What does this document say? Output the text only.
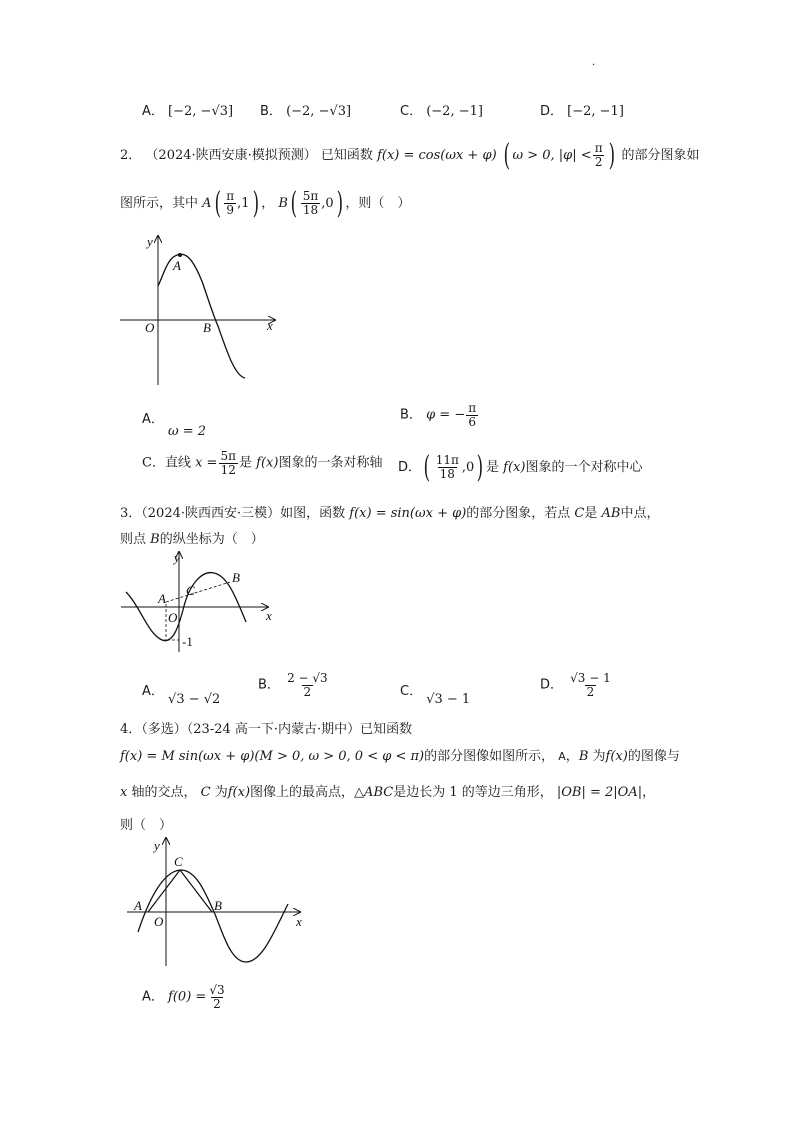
·
A． [−2, −√3] B． (−2, −√3]	C． (−2, −1]	D． [−2, −1]
2． （2024·陕西安康·模拟预测） 已知函数 f(x) = cos(ωx + φ) ( ω > 0, $|\varphi| < \frac{\pi}{2}$ ) 的部分图象如
图所示，其中 $A( \frac{\pi}{9} ,1)$ ， $B( \frac{5\pi}{18} ,0)$ ，则（　）
y
x
O
A
B
A． ω = 2
B． φ = − $\frac{\pi}{6}$
C．直线 $x = \frac{5\pi}{12}$ 是 f(x)图象的一条对称轴 D．( $\frac{11\pi}{18} ,0$) 是 f(x)图象的一个对称中心
3．（2024·陕西西安·三模）如图，函数 f(x) = sin(ωx + φ)的部分图象，若点 C是 AB中点，
则点 B的纵坐标为（　）
y
x
O
A
B
C
-1
A． √3 − √2
B． $\frac{2 - √3}{2}$	C． √3 − 1
D． $\frac{√3 - 1}{2}$
4．（多选）（23-24 高一下·内蒙古·期中）已知函数
f(x) = M sin(ωx + φ)(M > 0, ω > 0, 0 < φ < π)的部分图像如图所示， A，B 为f(x)的图像与
x 轴的交点， C 为f(x)图像上的最高点，△ABC是边长为 1 的等边三角形， |OB| = 2|OA|，
则（　）
y
x
O
A	B
C
A． $f(0) = \frac{√3}{2}$
